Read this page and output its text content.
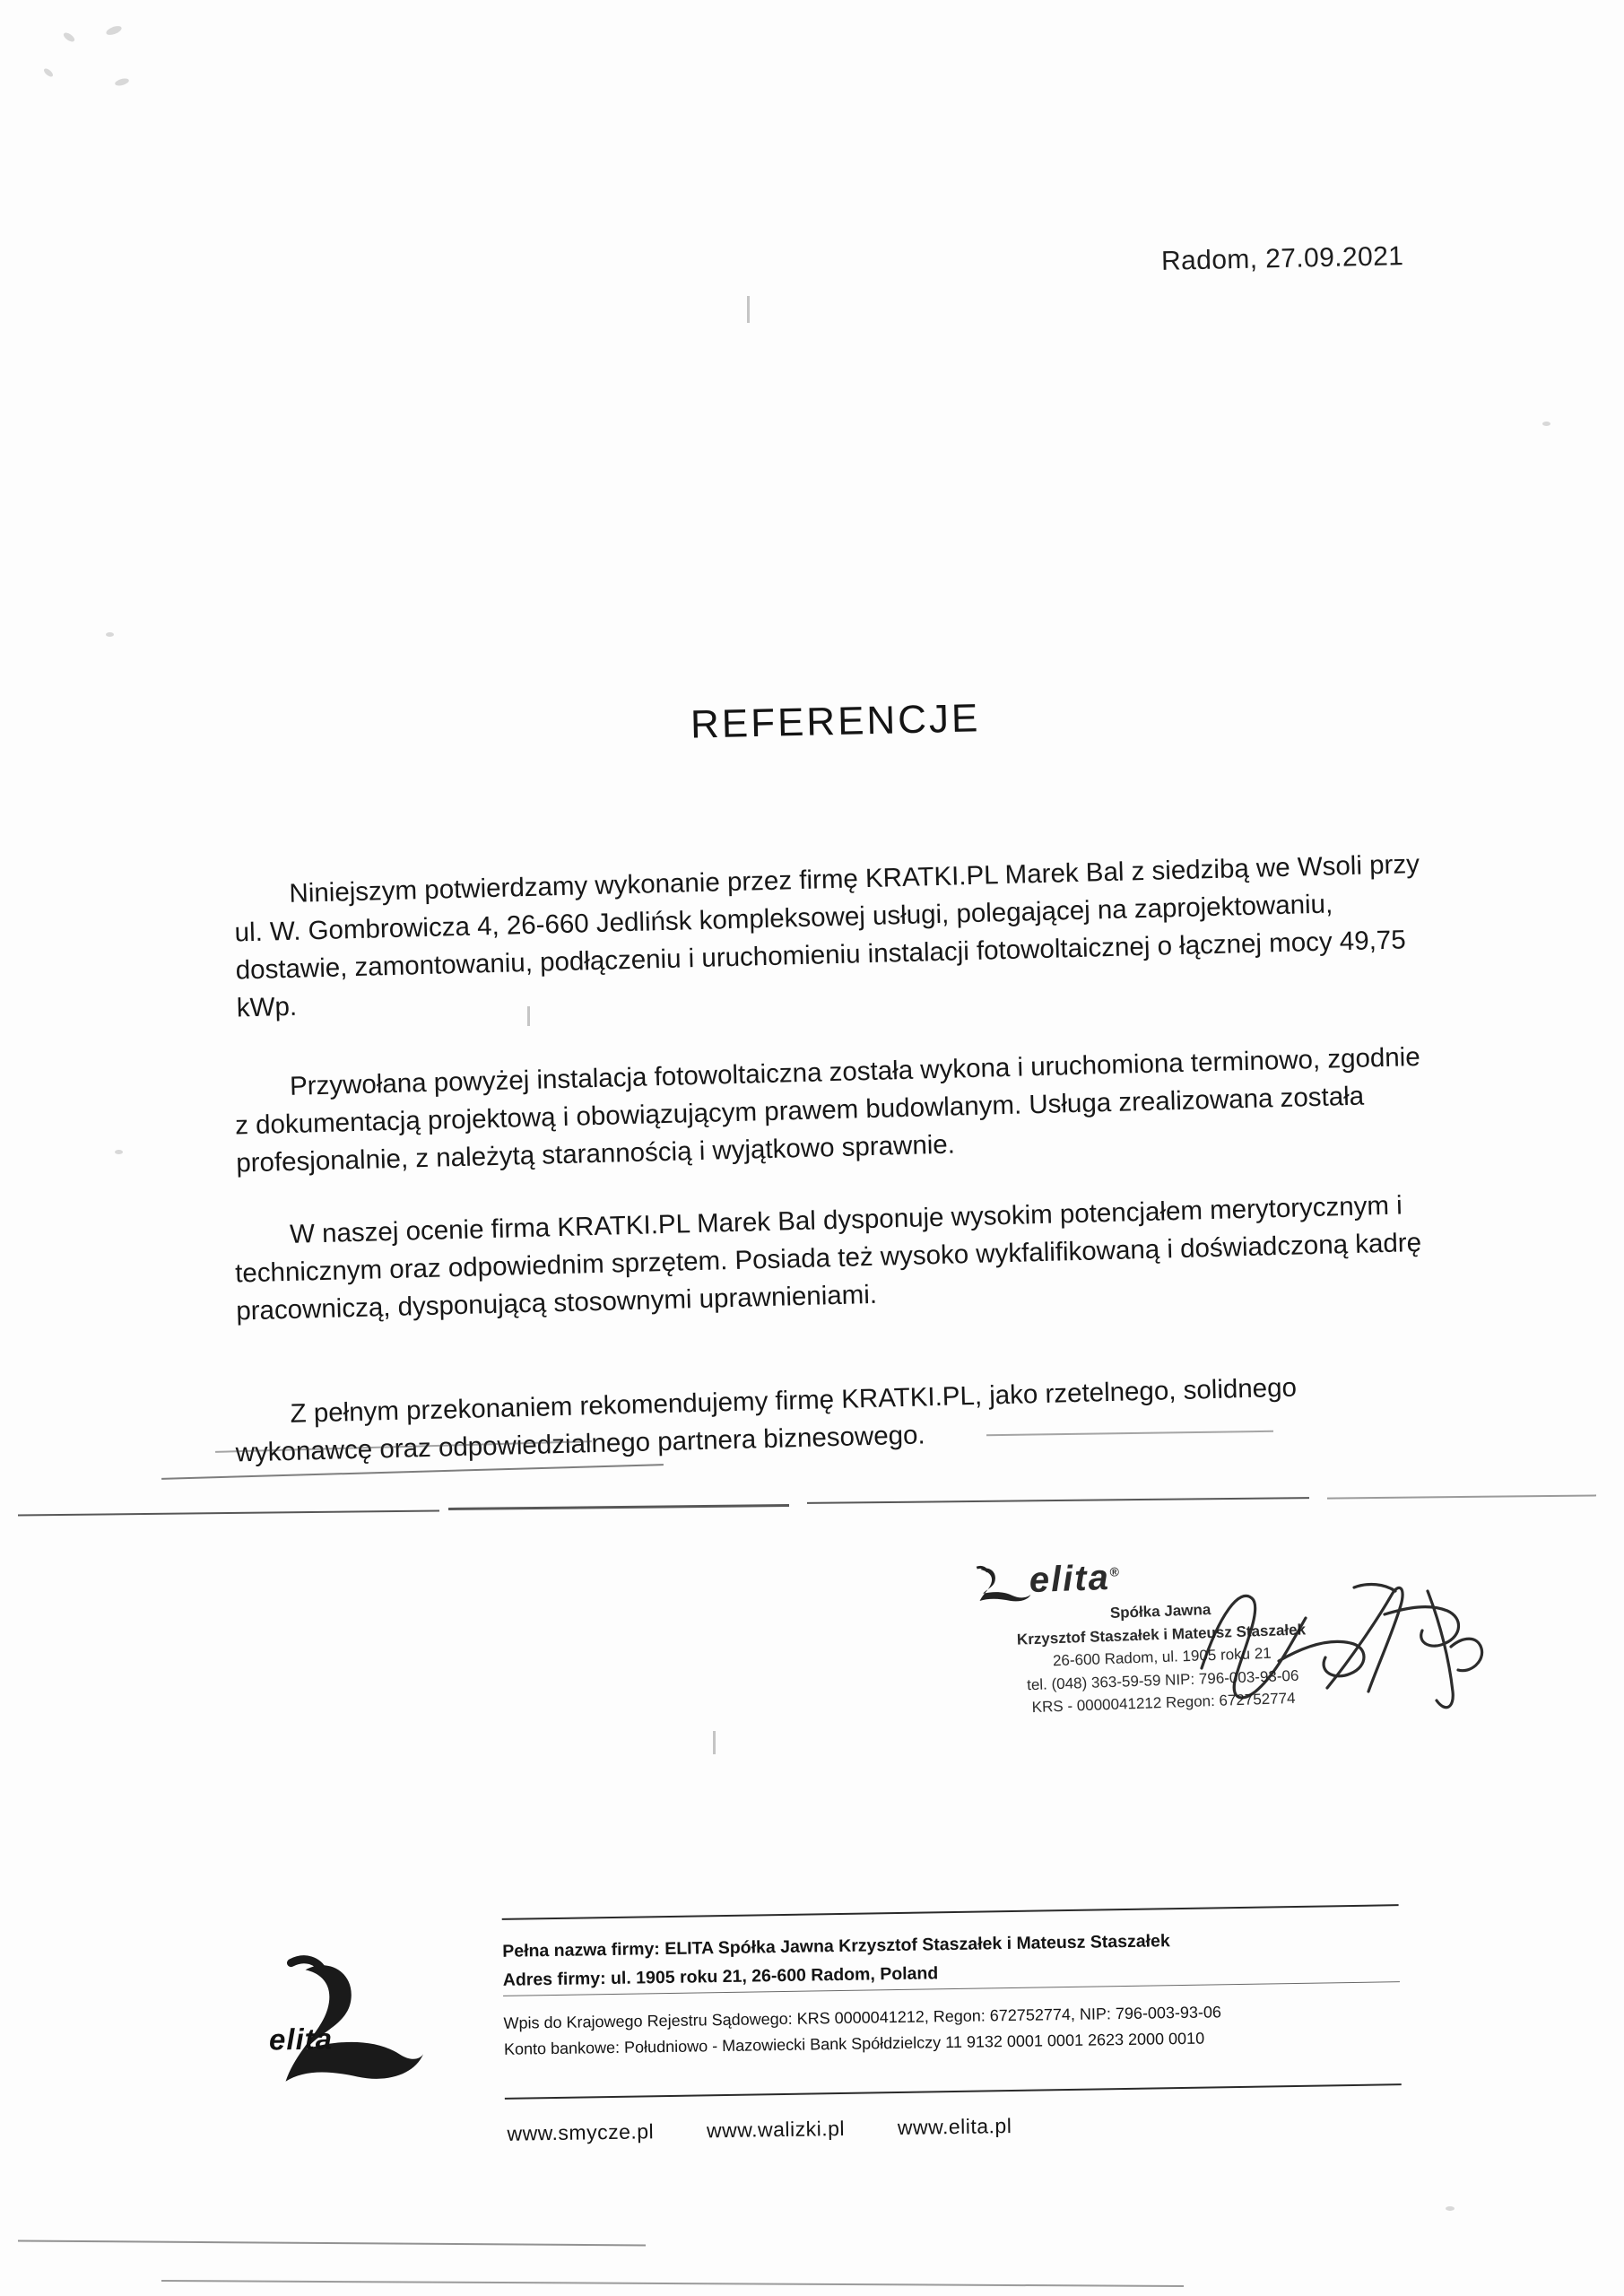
Radom, 27.09.2021
REFERENCJE
Niniejszym potwierdzamy wykonanie przez firmę KRATKI.PL Marek Bal z siedzibą we Wsoli przy ul. W. Gombrowicza 4, 26-660 Jedlińsk kompleksowej usługi, polegającej na zaprojektowaniu, dostawie, zamontowaniu, podłączeniu i uruchomieniu instalacji fotowoltaicznej o łącznej mocy 49,75 kWp.
Przywołana powyżej instalacja fotowoltaiczna została wykona i uruchomiona terminowo, zgodnie z dokumentacją projektową i obowiązującym prawem budowlanym. Usługa zrealizowana została profesjonalnie, z należytą starannością i wyjątkowo sprawnie.
W naszej ocenie firma KRATKI.PL Marek Bal dysponuje wysokim potencjałem merytorycznym i technicznym oraz odpowiednim sprzętem. Posiada też wysoko wykfalifikowaną i doświadczoną kadrę pracowniczą, dysponującą stosownymi uprawnieniami.
Z pełnym przekonaniem rekomendujemy firmę KRATKI.PL, jako rzetelnego, solidnego wykonawcę oraz odpowiedzialnego partnera biznesowego.
elita®
Spółka Jawna
Krzysztof Staszałek i Mateusz Staszałek
26-600 Radom, ul. 1905 roku 21
tel. (048) 363-59-59 NIP: 796-003-93-06
KRS - 0000041212 Regon: 672752774
Pełna nazwa firmy: ELITA Spółka Jawna Krzysztof Staszałek i Mateusz Staszałek
Adres firmy: ul. 1905 roku 21, 26-600 Radom, Poland
Wpis do Krajowego Rejestru Sądowego: KRS 0000041212, Regon: 672752774, NIP: 796-003-93-06
Konto bankowe: Południowo - Mazowiecki Bank Spółdzielczy 11 9132 0001 0001 2623 2000 0010
www.smycze.pl	www.walizki.pl	www.elita.pl
elita
